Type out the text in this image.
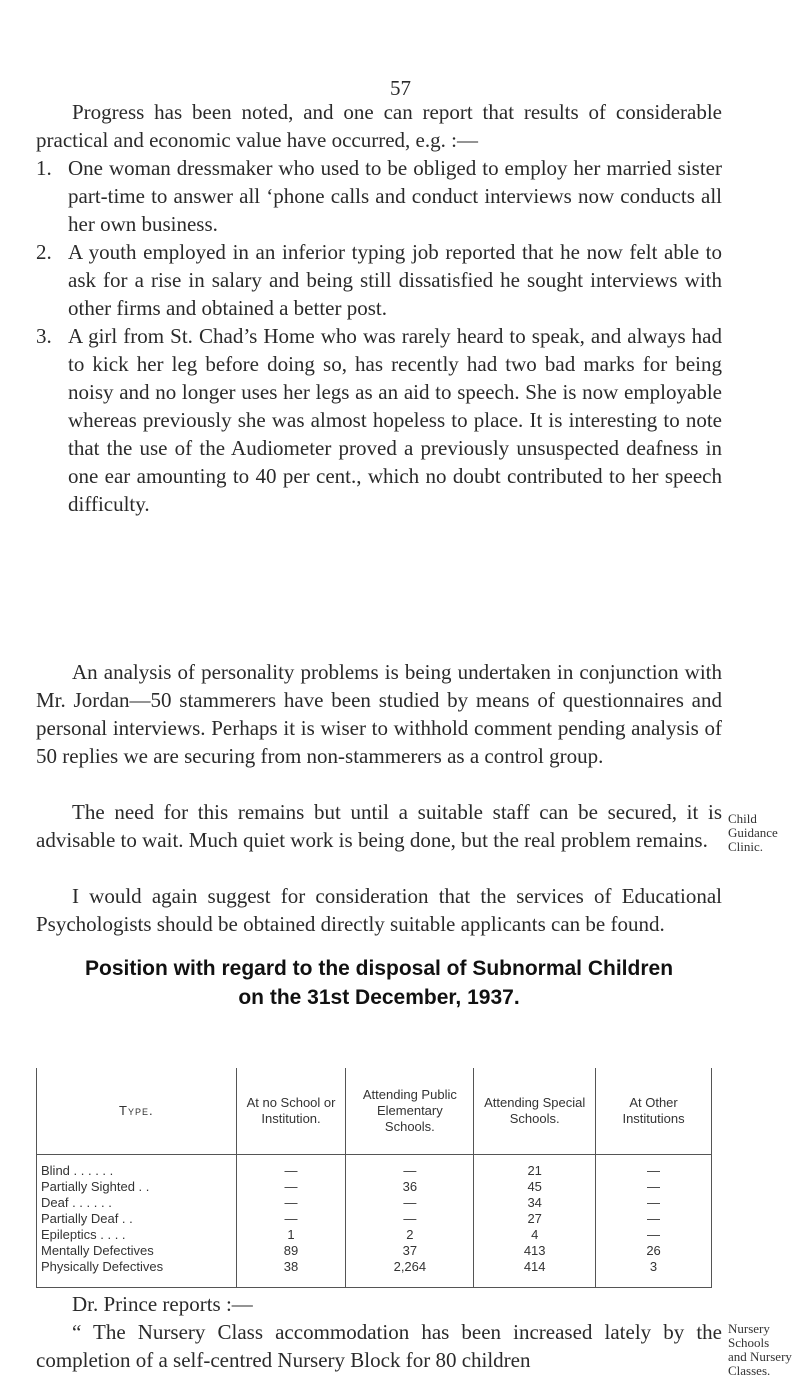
57

Progress has been noted, and one can report that results of considerable practical and economic value have occurred, e.g. :—

1. One woman dressmaker who used to be obliged to employ her married sister part-time to answer all ‘phone calls and conduct interviews now conducts all her own business.
2. A youth employed in an inferior typing job reported that he now felt able to ask for a rise in salary and being still dissatisfied he sought interviews with other firms and obtained a better post.
3. A girl from St. Chad’s Home who was rarely heard to speak, and always had to kick her leg before doing so, has recently had two bad marks for being noisy and no longer uses her legs as an aid to speech. She is now employable whereas previously she was almost hopeless to place. It is interesting to note that the use of the Audiometer proved a previously unsuspected deafness in one ear amounting to 40 per cent., which no doubt contributed to her speech difficulty.

An analysis of personality problems is being undertaken in conjunction with Mr. Jordan—50 stammerers have been studied by means of questionnaires and personal interviews. Perhaps it is wiser to withhold comment pending analysis of 50 replies we are securing from non-stammerers as a control group.

The need for this remains but until a suitable staff can be secured, it is advisable to wait. Much quiet work is being done, but the real problem remains.

Child
Guidance
Clinic.

I would again suggest for consideration that the services of Educational Psychologists should be obtained directly suitable applicants can be found.

Position with regard to the disposal of Subnormal Children

on the 31st December, 1937.

Type.	At no School or Institution.	Attending Public Elementary Schools.	Attending Special Schools.	At Other Institutions
Blind . . . . . .	—	—	21	—
Partially Sighted . .	—	36	45	—
Deaf . . . . . .	—	—	34	—
Partially Deaf . .	—	—	27	—
Epileptics . . . .	1	2	4	—
Mentally Defectives	89	37	413	26
Physically Defectives	38	2,264	414	3

Dr. Prince reports :—

“ The Nursery Class accommodation has been increased lately by the completion of a self-centred Nursery Block for 80 children

Nursery Schools
and Nursery
Classes.
